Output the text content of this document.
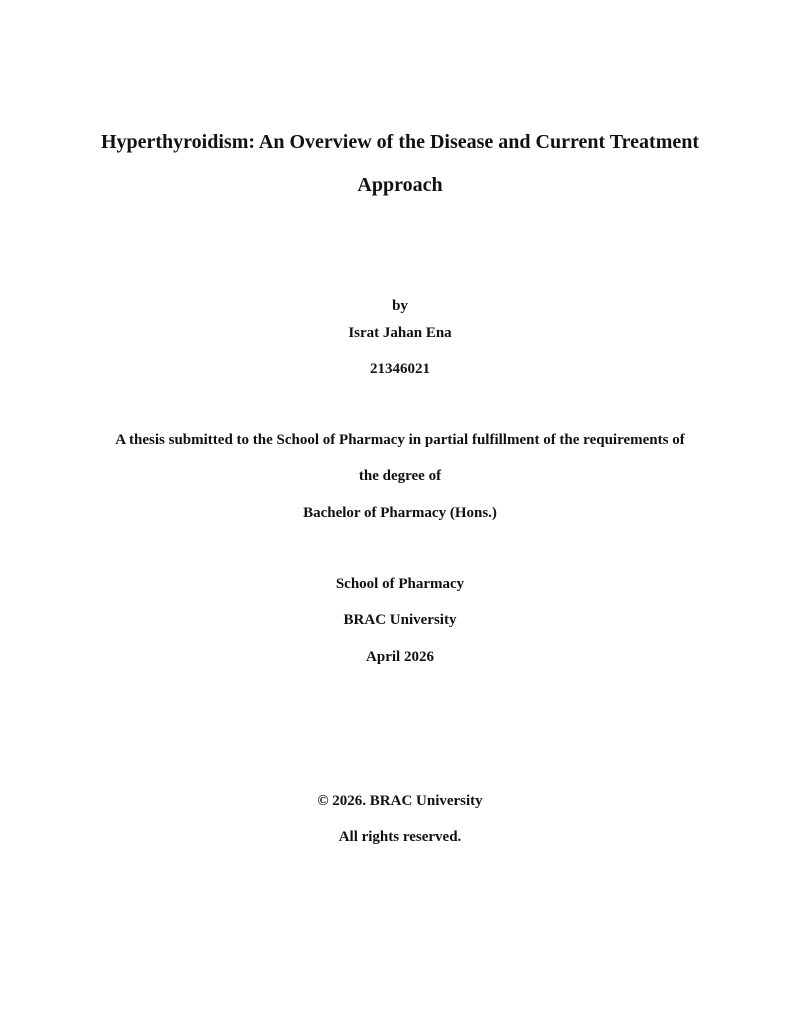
Hyperthyroidism: An Overview of the Disease and Current Treatment
Approach
by
Israt Jahan Ena
21346021
A thesis submitted to the School of Pharmacy in partial fulfillment of the requirements of
the degree of
Bachelor of Pharmacy (Hons.)
School of Pharmacy
BRAC University
April 2026
© 2026. BRAC University
All rights reserved.
